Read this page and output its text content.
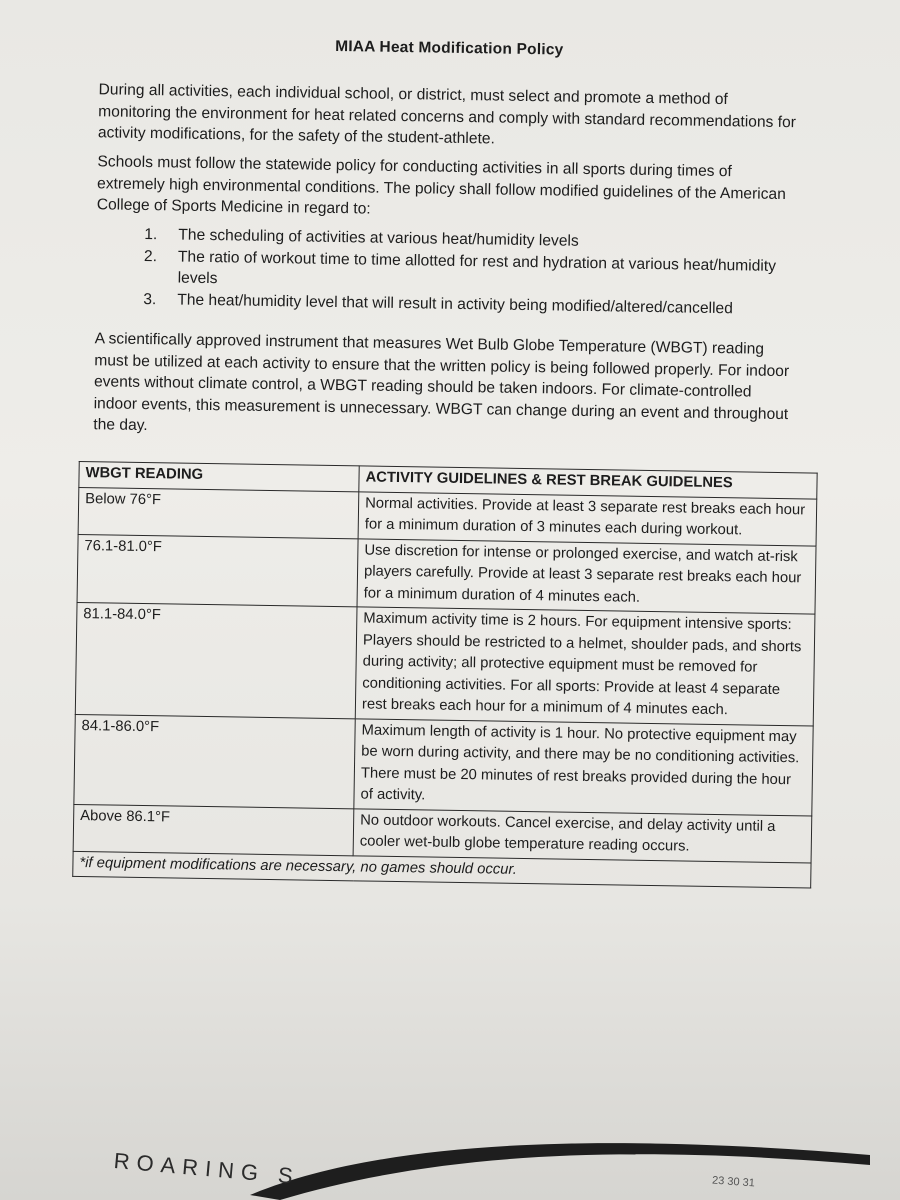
MIAA Heat Modification Policy
During all activities, each individual school, or district, must select and promote a method of monitoring the environment for heat related concerns and comply with standard recommendations for activity modifications, for the safety of the student-athlete.
Schools must follow the statewide policy for conducting activities in all sports during times of extremely high environmental conditions. The policy shall follow modified guidelines of the American College of Sports Medicine in regard to:
1. The scheduling of activities at various heat/humidity levels
2. The ratio of workout time to time allotted for rest and hydration at various heat/humidity levels
3. The heat/humidity level that will result in activity being modified/altered/cancelled
A scientifically approved instrument that measures Wet Bulb Globe Temperature (WBGT) reading must be utilized at each activity to ensure that the written policy is being followed properly. For indoor events without climate control, a WBGT reading should be taken indoors. For climate-controlled indoor events, this measurement is unnecessary. WBGT can change during an event and throughout the day.
WBGT READING	ACTIVITY GUIDELINES & REST BREAK GUIDELNES
Below 76°F	Normal activities. Provide at least 3 separate rest breaks each hour for a minimum duration of 3 minutes each during workout.
76.1-81.0°F	Use discretion for intense or prolonged exercise, and watch at-risk players carefully. Provide at least 3 separate rest breaks each hour for a minimum duration of 4 minutes each.
81.1-84.0°F	Maximum activity time is 2 hours. For equipment intensive sports: Players should be restricted to a helmet, shoulder pads, and shorts during activity; all protective equipment must be removed for conditioning activities. For all sports: Provide at least 4 separate rest breaks each hour for a minimum of 4 minutes each.
84.1-86.0°F	Maximum length of activity is 1 hour. No protective equipment may be worn during activity, and there may be no conditioning activities. There must be 20 minutes of rest breaks provided during the hour of activity.
Above 86.1°F	No outdoor workouts. Cancel exercise, and delay activity until a cooler wet-bulb globe temperature reading occurs.
*if equipment modifications are necessary, no games should occur.	
ROARING S	23 30 31
